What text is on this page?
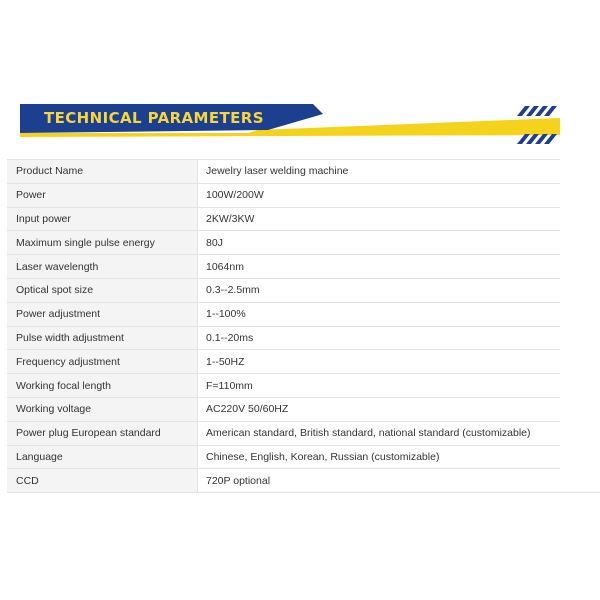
TECHNICAL PARAMETERS
Product Name	Jewelry laser welding machine
Power	100W/200W
Input power	2KW/3KW
Maximum single pulse energy	80J
Laser wavelength	1064nm
Optical spot size	0.3--2.5mm
Power adjustment	1--100%
Pulse width adjustment	0.1--20ms
Frequency adjustment	1--50HZ
Working focal length	F=110mm
Working voltage	AC220V 50/60HZ
Power plug European standard	American standard, British standard, national standard (customizable)
Language	Chinese, English, Korean, Russian (customizable)
CCD	720P optional
